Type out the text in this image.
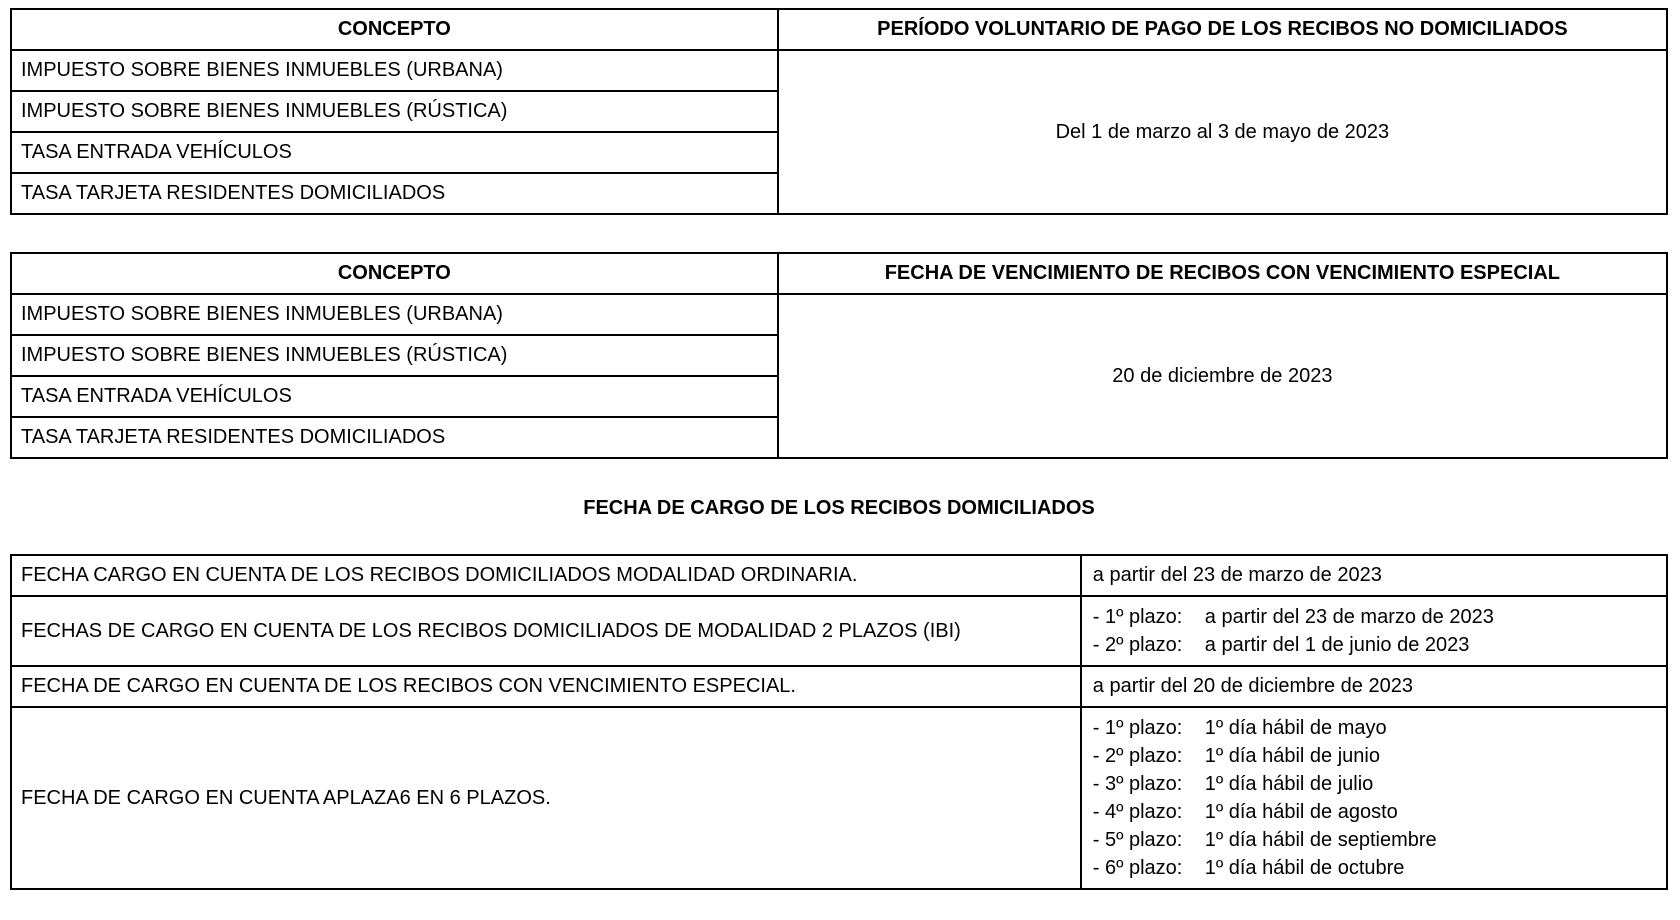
CONCEPTO	PERÍODO VOLUNTARIO DE PAGO DE LOS RECIBOS NO DOMICILIADOS
IMPUESTO SOBRE BIENES INMUEBLES (URBANA)	Del 1 de marzo al 3 de mayo de 2023
IMPUESTO SOBRE BIENES INMUEBLES (RÚSTICA)	
TASA ENTRADA VEHÍCULOS	
TASA TARJETA RESIDENTES DOMICILIADOS	
CONCEPTO	FECHA DE VENCIMIENTO DE RECIBOS CON VENCIMIENTO ESPECIAL
IMPUESTO SOBRE BIENES INMUEBLES (URBANA)	20 de diciembre de 2023
IMPUESTO SOBRE BIENES INMUEBLES (RÚSTICA)	
TASA ENTRADA VEHÍCULOS	
TASA TARJETA RESIDENTES DOMICILIADOS	
FECHA DE CARGO DE LOS RECIBOS DOMICILIADOS
FECHA CARGO EN CUENTA DE LOS RECIBOS DOMICILIADOS MODALIDAD ORDINARIA.	a partir del 23 de marzo de 2023
FECHAS DE CARGO EN CUENTA DE LOS RECIBOS DOMICILIADOS DE MODALIDAD 2 PLAZOS (IBI)	- 1º plazo: a partir del 23 de marzo de 2023
- 2º plazo: a partir del 1 de junio de 2023

FECHA DE CARGO EN CUENTA DE LOS RECIBOS CON VENCIMIENTO ESPECIAL.	a partir del 20 de diciembre de 2023
FECHA DE CARGO EN CUENTA APLAZA6 EN 6 PLAZOS.	
- 1º plazo:	1º día hábil de mayo
- 2º plazo:	1º día hábil de junio
- 3º plazo:	1º día hábil de julio
- 4º plazo:	1º día hábil de agosto
- 5º plazo:	1º día hábil de septiembre
- 6º plazo:	1º día hábil de octubre
